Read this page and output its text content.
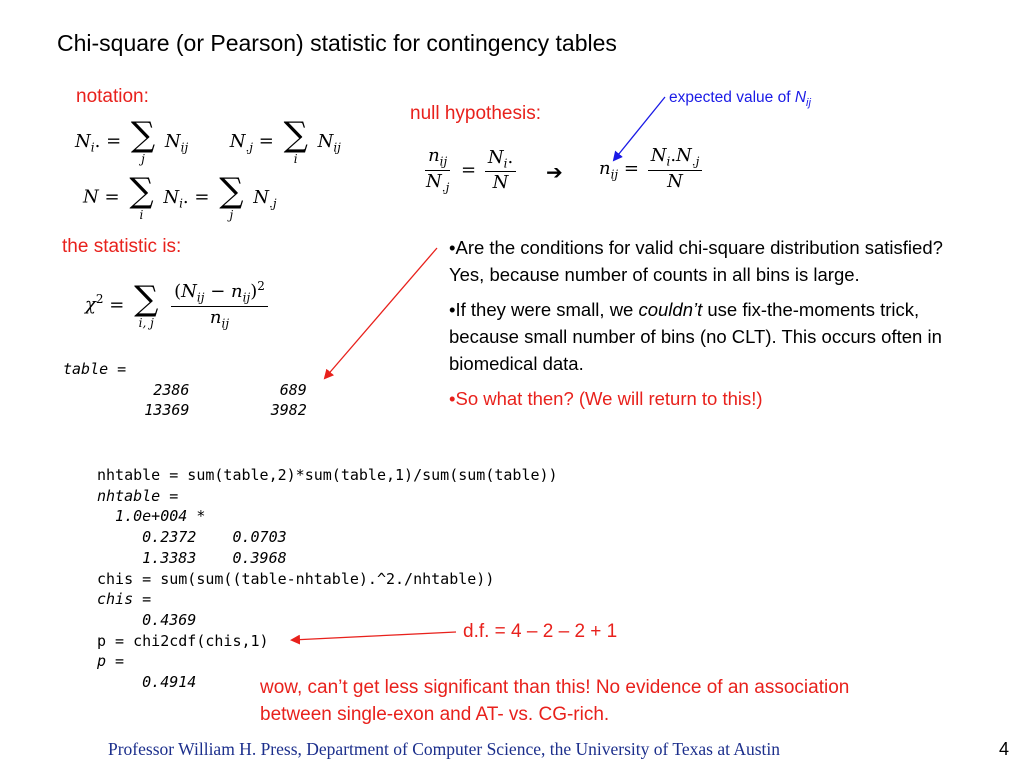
Chi-square (or Pearson) statistic for contingency tables
notation:
$N_i$. = ∑
j
$N_{ij}$ $N_{.j}$ = ∑
i
$N_{ij}$
N = ∑
i
$N_i$. = ∑
j
$N_{.j}$
null hypothesis:
expected value of $N_{ij}$
$\frac{n_{ij}}{N_{.j}} = \frac{N_i.}{N}$ ➔ $n_{ij} = \frac{N_i.N_{.j}}{N}$
the statistic is:
$\chi^2$ = ∑
i, j
$\frac{(N_{ij} - n_{ij})^2}{n_{ij}}$
table =
2386          689
13369         3982

•Are the conditions for valid chi-square distribution satisfied? Yes, because number of counts in all bins is large.

•If they were small, we couldn’t use fix-the-moments trick, because small number of bins (no CLT). This occurs often in biomedical data.

•So what then? (We will return to this!)

nhtable = sum(table,2)*sum(table,1)/sum(sum(table))
nhtable =
1.0e+004 *
0.2372    0.0703
1.3383    0.3968
chis = sum(sum((table-nhtable).^2./nhtable))
chis =
0.4369
p = chi2cdf(chis,1)
p =
0.4914
d.f. = 4 – 2 – 2 + 1
wow, can’t get less significant than this! No evidence of an association between single-exon and AT- vs. CG-rich.
Professor William H. Press, Department of Computer Science, the University of Texas at Austin	4
